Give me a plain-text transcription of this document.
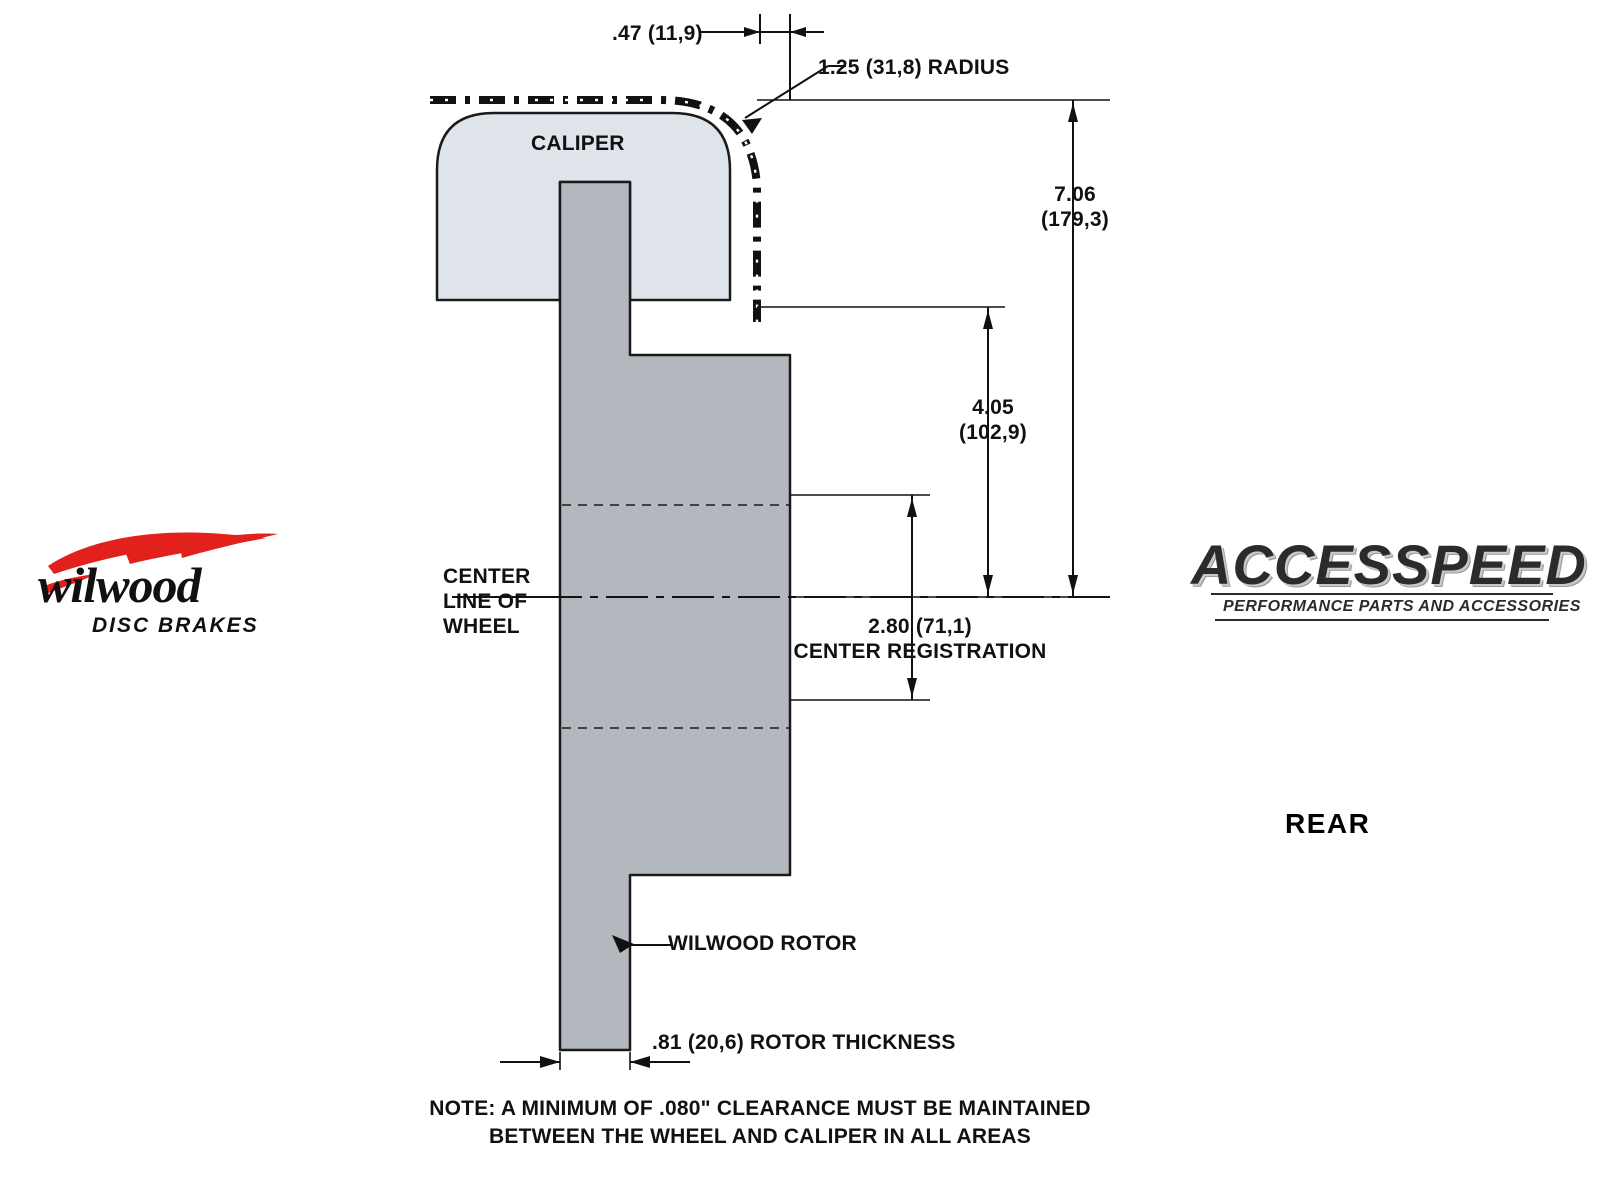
.47 (11,9)
1.25 (31,8) RADIUS
CALIPER
7.06
(179,3)
4.05
(102,9)
CENTER
LINE OF
WHEEL	2.80 (71,1)
CENTER REGISTRATION
WILWOOD ROTOR
.81 (20,6) ROTOR THICKNESS
NOTE: A MINIMUM OF .080" CLEARANCE MUST BE MAINTAINED
BETWEEN THE WHEEL AND CALIPER IN ALL AREAS
wilwood
DISC BRAKES
ACCESSPEED
PERFORMANCE PARTS AND ACCESSORIES
REAR
